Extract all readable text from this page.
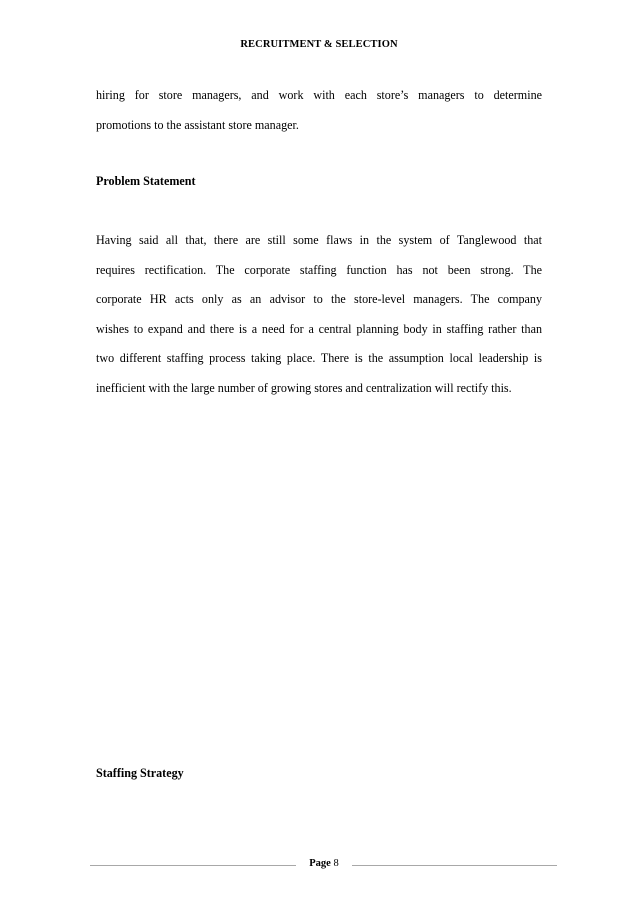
RECRUITMENT & SELECTION

hiring for store managers, and work with each store’s managers to determine

promotions to the assistant store manager.

Problem Statement

Having said all that, there are still some flaws in the system of Tanglewood that
requires rectification. The corporate staffing function has not been strong. The
corporate HR acts only as an advisor to the store-level managers. The company
wishes to expand and there is a need for a central planning body in staffing rather than
two different staffing process taking place. There is the assumption local leadership is
inefficient with the large number of growing stores and centralization will rectify this.

Staffing Strategy
Page 8
